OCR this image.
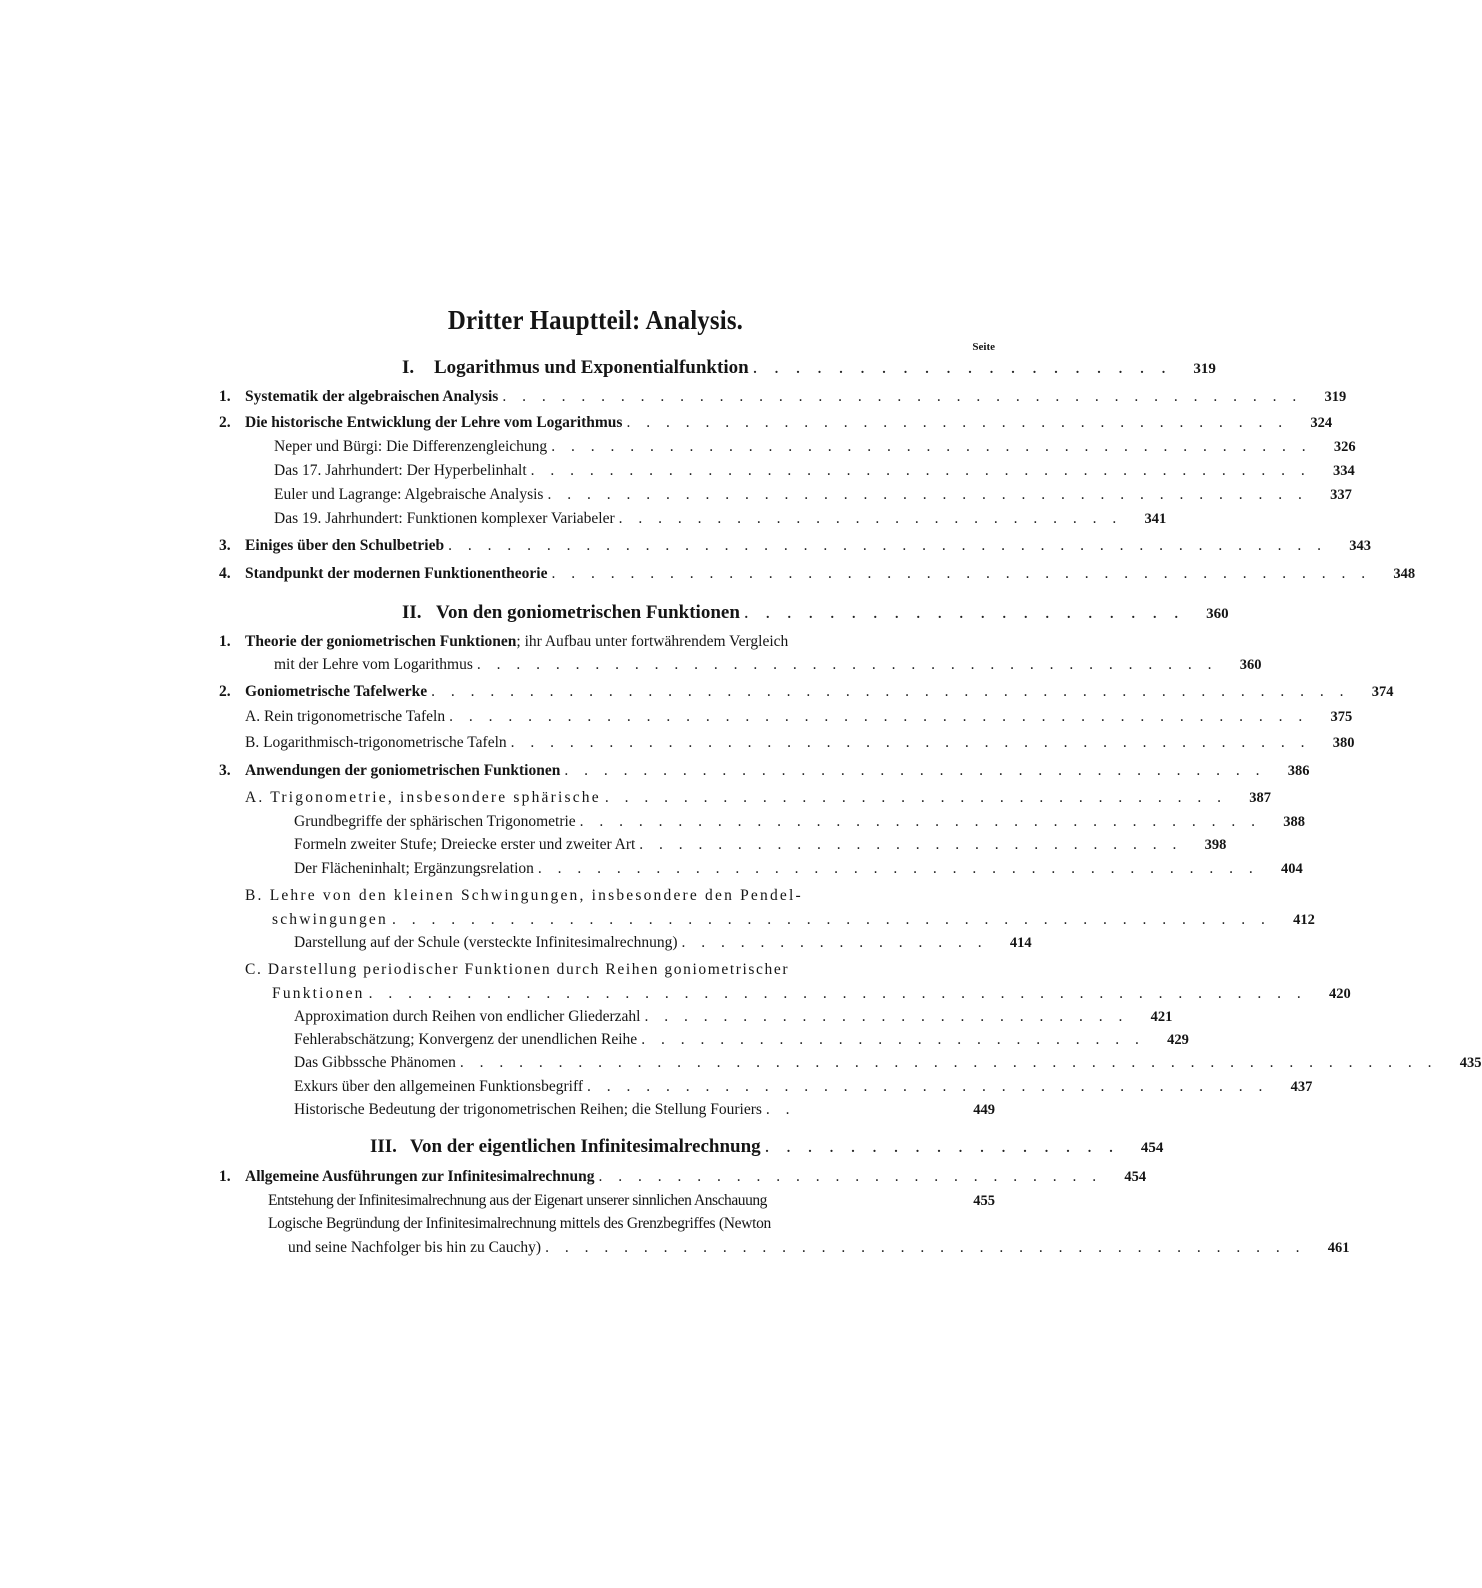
Dritter Hauptteil: Analysis.
Seite
I.	Logarithmus und Exponentialfunktion . . . . . . . . . . . . . . . . . . . .	319
1. Systematik der algebraischen Analysis . . . . . . . . . . . . . . . . . . . . . . . . . . . . . . . . . . . . . . . . .	319
2. Die historische Entwicklung der Lehre vom Logarithmus . . . . . . . . . . . . . . . . . . . . . . . . . . . . . . . . . .	324
Neper und Bürgi: Die Differenzengleichung . . . . . . . . . . . . . . . . . . . . . . . . . . . . . . . . . . . . . . .	326
Das 17. Jahrhundert: Der Hyperbelinhalt . . . . . . . . . . . . . . . . . . . . . . . . . . . . . . . . . . . . . . . .	334
Euler und Lagrange: Algebraische Analysis . . . . . . . . . . . . . . . . . . . . . . . . . . . . . . . . . . . . . . .	337
Das 19. Jahrhundert: Funktionen komplexer Variabeler . . . . . . . . . . . . . . . . . . . . . . . . . .	341
3. Einiges über den Schulbetrieb . . . . . . . . . . . . . . . . . . . . . . . . . . . . . . . . . . . . . . . . . . . . .	343
4. Standpunkt der modernen Funktionentheorie . . . . . . . . . . . . . . . . . . . . . . . . . . . . . . . . . . . . . . . . . .	348
II. Von den goniometrischen Funktionen . . . . . . . . . . . . . . . . . . . . .	360
1. Theorie der goniometrischen Funktionen ; ihr Aufbau unter fortwährendem Vergleich
mit der Lehre vom Logarithmus . . . . . . . . . . . . . . . . . . . . . . . . . . . . . . . . . . . . . .	360
2. Goniometrische Tafelwerke . . . . . . . . . . . . . . . . . . . . . . . . . . . . . . . . . . . . . . . . . . . . . . .	374
A. Rein trigonometrische Tafeln . . . . . . . . . . . . . . . . . . . . . . . . . . . . . . . . . . . . . . . . . . . .	375
B. Logarithmisch-trigonometrische Tafeln . . . . . . . . . . . . . . . . . . . . . . . . . . . . . . . . . . . . . . . . .	380
3. Anwendungen der goniometrischen Funktionen . . . . . . . . . . . . . . . . . . . . . . . . . . . . . . . . . . . .	386
A. Trigonometrie, insbesondere sphärische . . . . . . . . . . . . . . . . . . . . . . . . . . . . . . . .	387
Grundbegriffe der sphärischen Trigonometrie . . . . . . . . . . . . . . . . . . . . . . . . . . . . . . . . . . .	388
Formeln zweiter Stufe; Dreiecke erster und zweiter Art . . . . . . . . . . . . . . . . . . . . . . . . . . . .	398
Der Flächeninhalt; Ergänzungsrelation . . . . . . . . . . . . . . . . . . . . . . . . . . . . . . . . . . . . .	404
B. Lehre von den kleinen Schwingungen, insbesondere den Pendel-
schwingungen . . . . . . . . . . . . . . . . . . . . . . . . . . . . . . . . . . . . . . . . . . . . .	412
Darstellung auf der Schule (versteckte Infinitesimalrechnung) . . . . . . . . . . . . . . . .	414
C. Darstellung periodischer Funktionen durch Reihen goniometrischer
Funktionen . . . . . . . . . . . . . . . . . . . . . . . . . . . . . . . . . . . . . . . . . . . . . . . .	420
Approximation durch Reihen von endlicher Gliederzahl . . . . . . . . . . . . . . . . . . . . . . . . .	421
Fehlerabschätzung; Konvergenz der unendlichen Reihe . . . . . . . . . . . . . . . . . . . . . . . . . .	429
Das Gibbssche Phänomen . . . . . . . . . . . . . . . . . . . . . . . . . . . . . . . . . . . . . . . . . . . . . . . . . .	435
Exkurs über den allgemeinen Funktionsbegriff . . . . . . . . . . . . . . . . . . . . . . . . . . . . . . . . . . .	437
Historische Bedeutung der trigonometrischen Reihen; die Stellung Fouriers . .	449
III. Von der eigentlichen Infinitesimalrechnung . . . . . . . . . . . . . . . . .	454
1. Allgemeine Ausführungen zur Infinitesimalrechnung . . . . . . . . . . . . . . . . . . . . . . . . . .	454
Entstehung der Infinitesimalrechnung aus der Eigenart unserer sinnlichen Anschauung	455
Logische Begründung der Infinitesimalrechnung mittels des Grenzbegriffes (Newton
und seine Nachfolger bis hin zu Cauchy) . . . . . . . . . . . . . . . . . . . . . . . . . . . . . . . . . . . . . . .	461
